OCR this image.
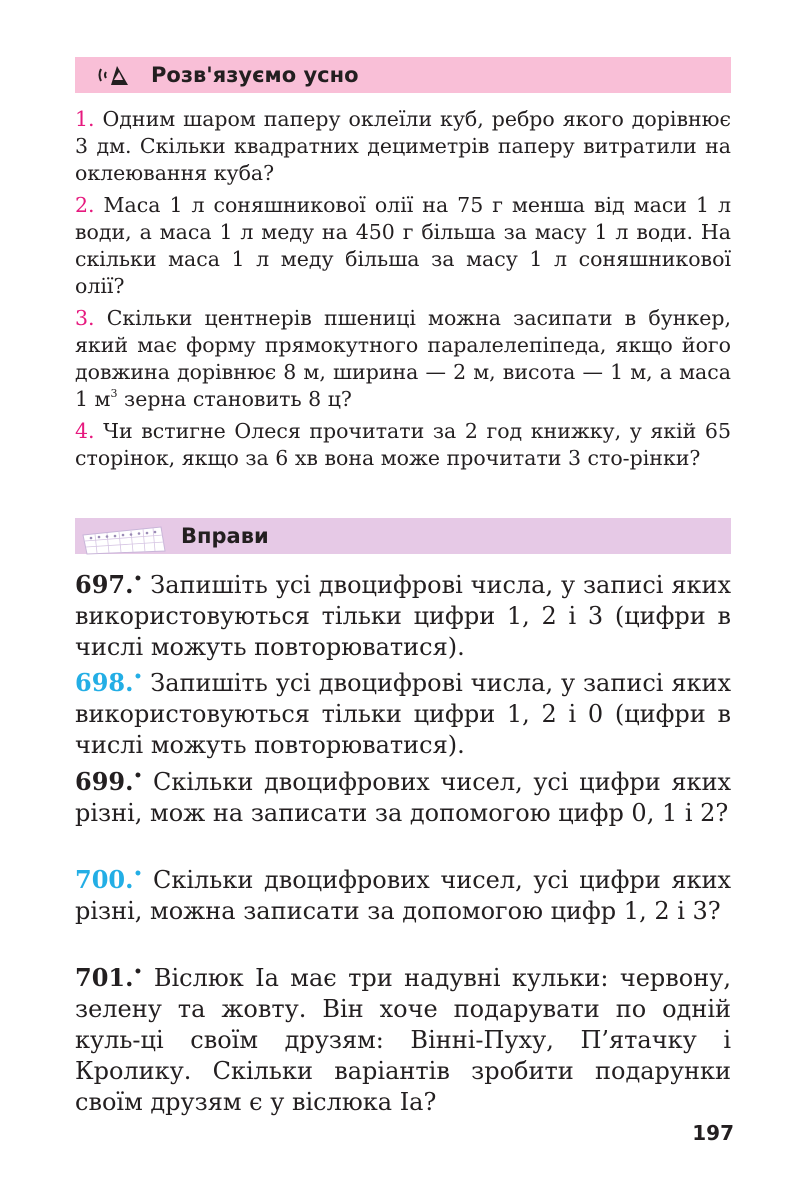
Розв'язуємо усно

1. Одним шаром паперу оклеїли куб, ребро якого дорівнює 3 дм. Скільки квадратних дециметрів паперу витратили на оклеювання куба?

2. Маса 1 л соняшникової олії на 75 г менша від маси 1 л води, а маса 1 л меду на 450 г більша за масу 1 л води. На скільки маса 1 л меду більша за масу 1 л соняшникової олії?

3. Скільки центнерів пшениці можна засипати в бункер, який має форму прямокутного паралелепіпеда, якщо його довжина дорівнює 8 м, ширина — 2 м, висота — 1 м, а маса 1 $м^3$ зерна становить 8 ц?

4. Чи встигне Олеся прочитати за 2 год книжку, у якій 65 сторінок, якщо за 6 хв вона може прочитати 3 сто-рінки?

Вправи

697.• Запишіть усі двоцифрові числа, у записі яких використовуються тільки цифри 1, 2 і 3 (цифри в числі можуть повторюватися).

698.• Запишіть усі двоцифрові числа, у записі яких використовуються тільки цифри 1, 2 і 0 (цифри в числі можуть повторюватися).

699.• Скільки двоцифрових чисел, усі цифри яких різні, мож на записати за допомогою цифр 0, 1 і 2?

700.• Скільки двоцифрових чисел, усі цифри яких різні, можна записати за допомогою цифр 1, 2 і 3?

701.• Віслюк Іа має три надувні кульки: червону, зелену та жовту. Він хоче подарувати по одній куль-ці своїм друзям: Вінні-Пуху, П’ятачку і Кролику. Скільки варіантів зробити подарунки своїм друзям є у віслюка Іа?

197
